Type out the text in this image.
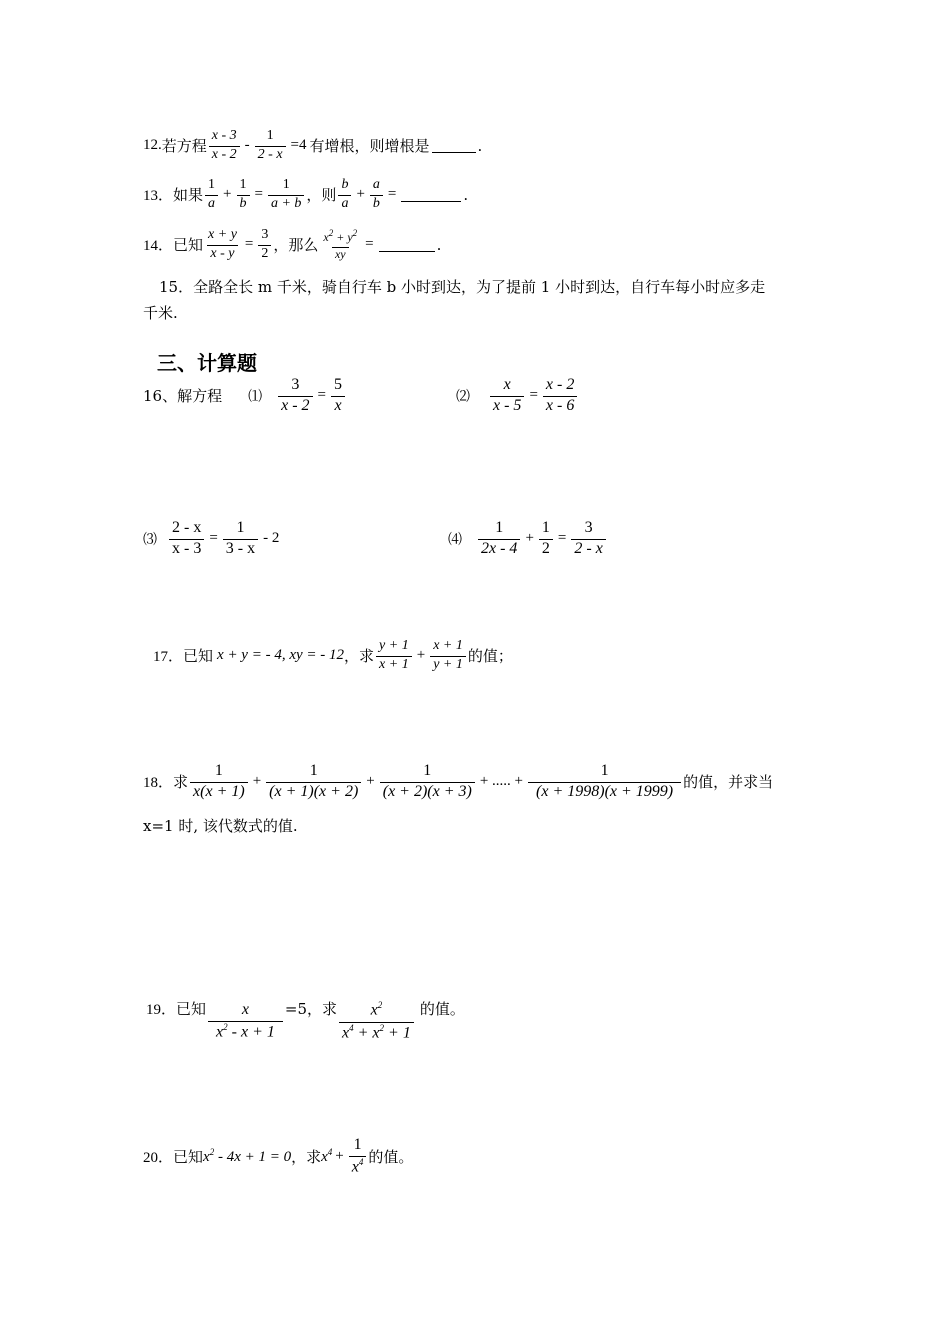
12. 若方程 $\frac{x - 3}{x - 2} - \frac{1}{2 - x} =4$ 有增根，则增根是	.
13． 如果 $\frac{1}{a} + \frac{1}{b} = \frac{1}{a + b}$ ，则 $\frac{b}{a} + \frac{a}{b}$ =	.
14． 已知 $\frac{x + y}{x - y} = \frac{3}{2}$ ，那么 $\frac{x^2 + y^2}{xy}$ =	.
15．全路全长 m 千米，骑自行车 b 小时到达，为了提前 1 小时到达，自行车每小时应多走
千米.
三、计算题
16、解方程 ⑴ $\frac{3}{x - 2} = \frac{5}{x}$	⑵ $\frac{x}{x - 5} = \frac{x - 2}{x - 6}$
⑶ $\frac{2 - x}{x - 3} = \frac{1}{3 - x} - 2$	⑷ $\frac{1}{2x - 4} + \frac{1}{2} = \frac{3}{2 - x}$
17． 已知 x + y = - 4, xy = - 12 ，求 $\frac{y + 1}{x + 1} + \frac{x + 1}{y + 1}$ 的值；
18． 求 $\frac{1}{x(x + 1)} + \frac{1}{(x + 1)(x + 2)} + \frac{1}{(x + 2)(x + 3)}$ + ..... + $\frac{1}{(x + 1998)(x + 1999)}$ 的值，并求当
x=1 时, 该代数式的值.
19． 已知 $\frac{x}{x^2 - x + 1} =5$，求 $\frac{x^2}{x^4 + x^2 + 1}$ 的值。
20． 已知 $x^2 - 4x + 1 = 0$ ，求 $x^4 + \frac{1}{x^4}$ 的值。
